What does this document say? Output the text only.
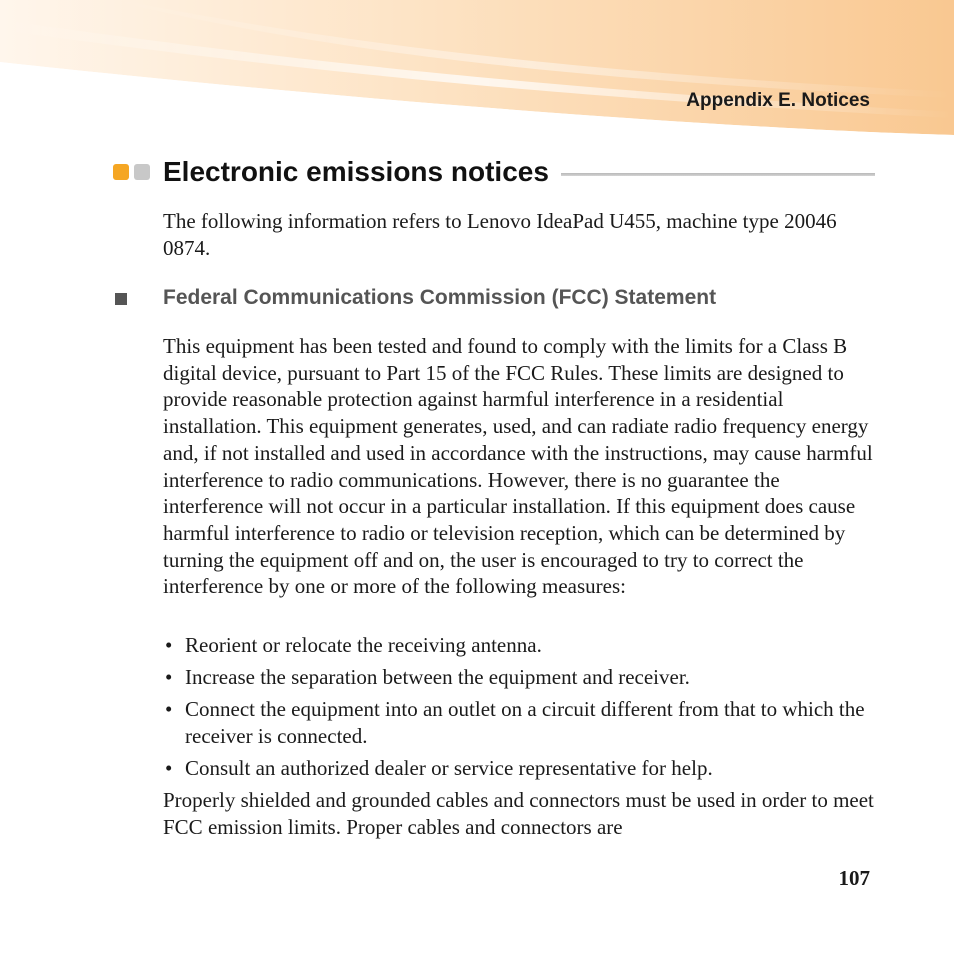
Appendix E. Notices
Electronic emissions notices

The following information refers to Lenovo IdeaPad U455, machine type 20046 0874.

Federal Communications Commission (FCC) Statement

This equipment has been tested and found to comply with the limits for a Class B digital device, pursuant to Part 15 of the FCC Rules. These limits are designed to provide reasonable protection against harmful interference in a residential installation. This equipment generates, used, and can radiate radio frequency energy and, if not installed and used in accordance with the instructions, may cause harmful interference to radio communications. However, there is no guarantee the interference will not occur in a particular installation. If this equipment does cause harmful interference to radio or television reception, which can be determined by turning the equipment off and on, the user is encouraged to try to correct the interference by one or more of the following measures:

• Reorient or relocate the receiving antenna.
• Increase the separation between the equipment and receiver.
• Connect the equipment into an outlet on a circuit different from that to which the receiver is connected.
• Consult an authorized dealer or service representative for help.

Properly shielded and grounded cables and connectors must be used in order to meet FCC emission limits. Proper cables and connectors are

107
